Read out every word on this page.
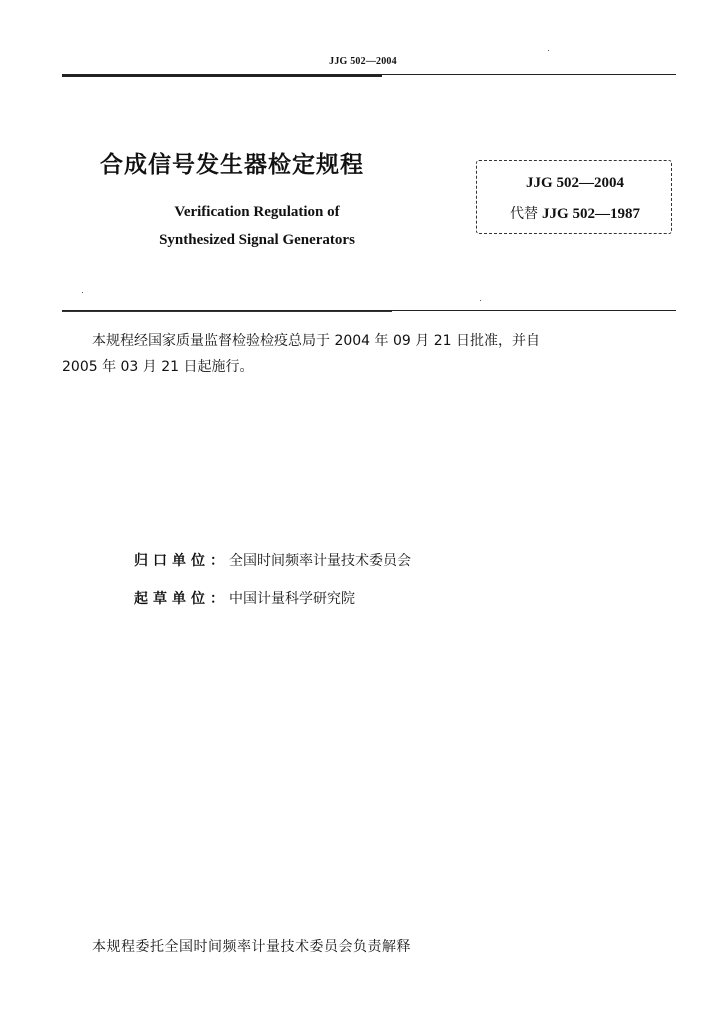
JJG 502—2004
合成信号发生器检定规程
Verification Regulation of
Synthesized Signal Generators
JJG 502—2004
代替 JJG 502—1987
本规程经国家质量监督检验检疫总局于 2004 年 09 月 21 日批准，并自
2005 年 03 月 21 日起施行。
归口单位：全国时间频率计量技术委员会
起草单位：中国计量科学研究院
本规程委托全国时间频率计量技术委员会负责解释
